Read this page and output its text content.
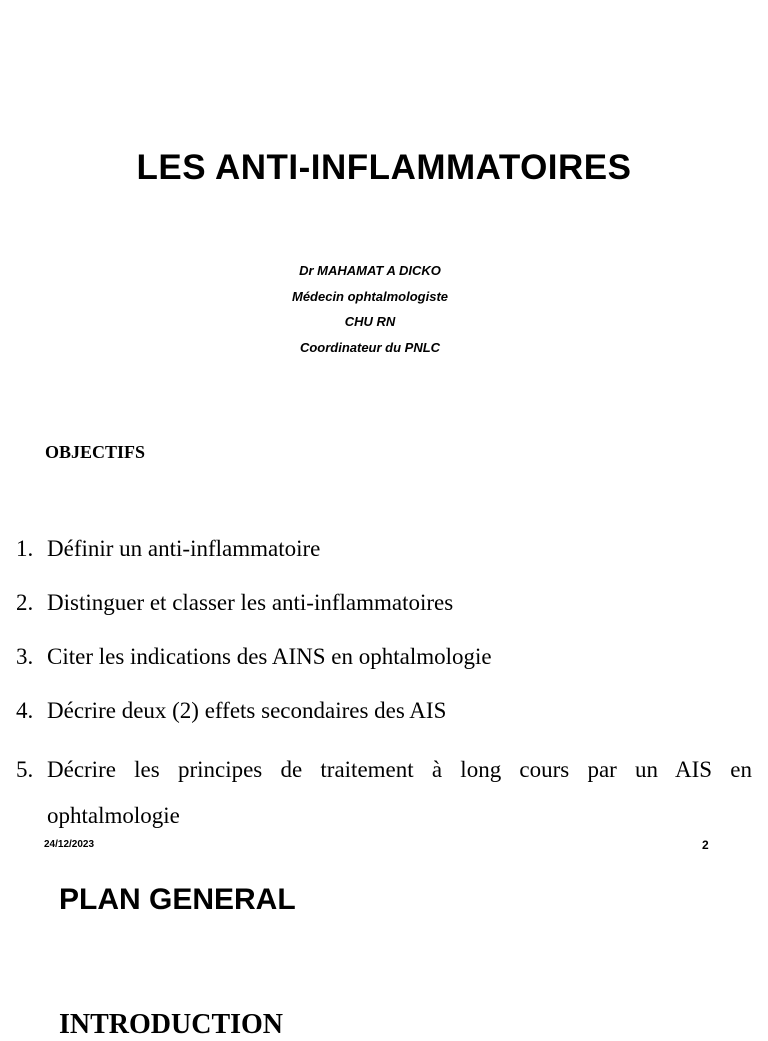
LES ANTI-INFLAMMATOIRES
Dr MAHAMAT A DICKO
Médecin ophtalmologiste
CHU RN
Coordinateur du PNLC
OBJECTIFS
1. Définir un anti-inflammatoire
2. Distinguer et classer les anti-inflammatoires
3. Citer les indications des AINS en ophtalmologie
4. Décrire deux (2) effets secondaires des AIS
5. Décrire les principes de traitement à long cours par un AIS en ophtalmologie
24/12/2023	2
PLAN GENERAL
INTRODUCTION
